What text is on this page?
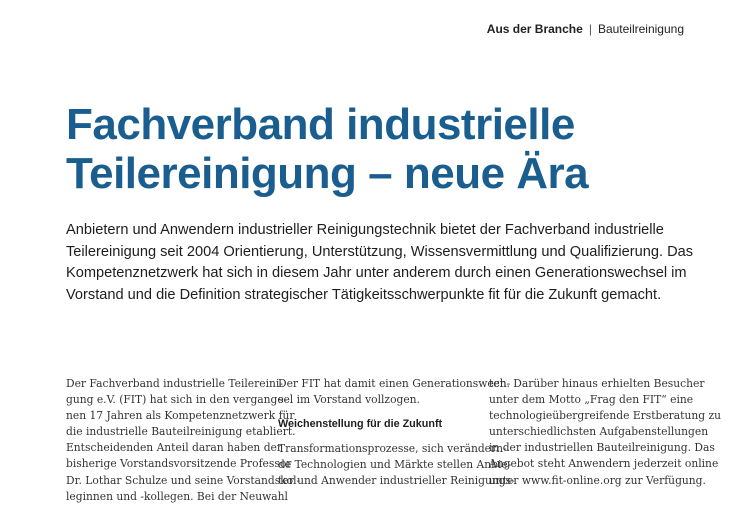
Aus der Branche | Bauteilreinigung
Fachverband industrielle
Teilereinigung – neue Ära
Anbietern und Anwendern industrieller Reinigungstechnik bietet der Fachverband industrielle
Teilereinigung seit 2004 Orientierung, Unterstützung, Wissensvermittlung und Qualifizierung. Das
Kompetenznetzwerk hat sich in diesem Jahr unter anderem durch einen Generationswechsel im
Vorstand und die Definition strategischer Tätigkeitsschwerpunkte fit für die Zukunft gemacht.
Der Fachverband industrielle Teilereini-
gung e.V. (FIT) hat sich in den vergange-
nen 17 Jahren als Kompetenznetzwerk für
die industrielle Bauteilreinigung etabliert.
Entscheidenden Anteil daran haben der
bisherige Vorstandsvorsitzende Professor
Dr. Lothar Schulze und seine Vorstandskol-
leginnen und -kollegen. Bei der Neuwahl
Der FIT hat damit einen Generationswech-
sel im Vorstand vollzogen.
Weichenstellung für die Zukunft
Transformationsprozesse, sich verändern-
de Technologien und Märkte stellen Anbie-
ter und Anwender industrieller Reinigungs-
ten. Darüber hinaus erhielten Besucher
unter dem Motto „Frag den FIT“ eine
technologieübergreifende Erstberatung zu
unterschiedlichsten Aufgabenstellungen
in der industriellen Bauteilreinigung. Das
Angebot steht Anwendern jederzeit online
unter www.fit-online.org zur Verfügung.
